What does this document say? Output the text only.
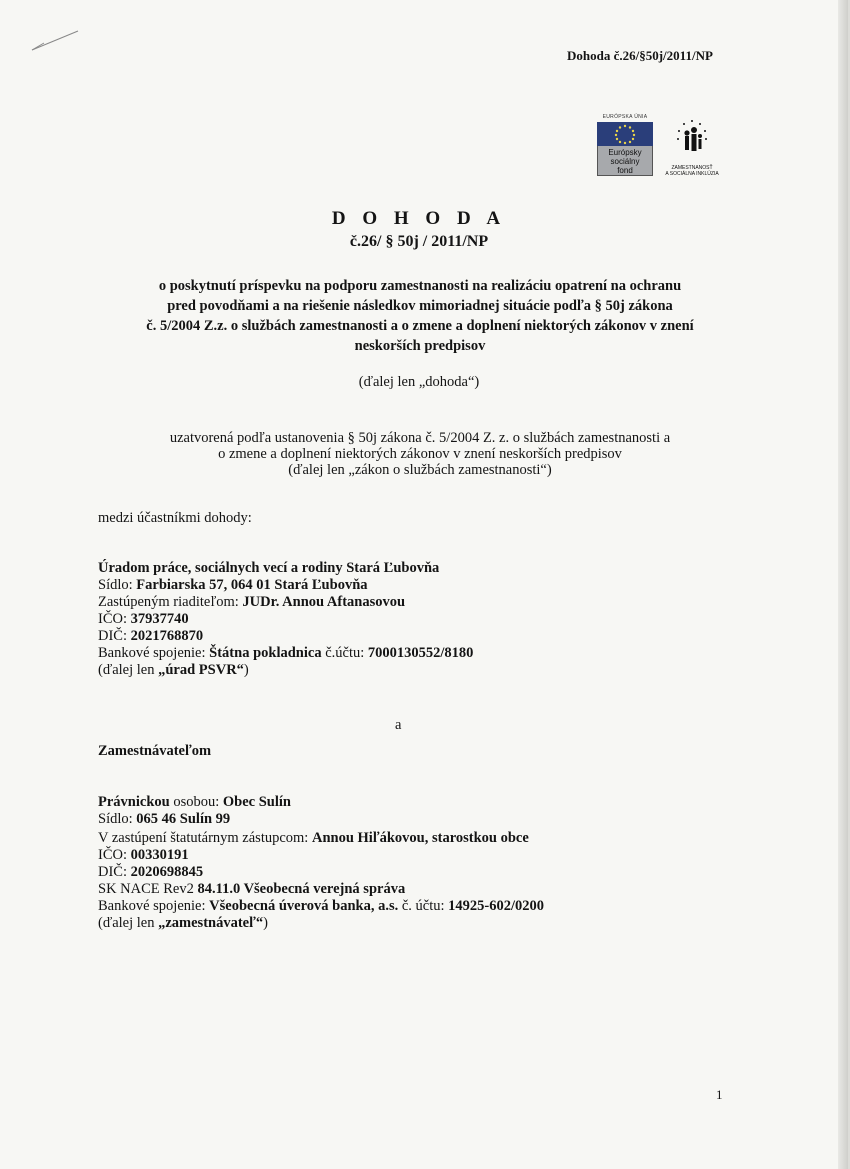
Dohoda č.26/§50j/2011/NP
EURÓPSKA ÚNIA
Európsky
sociálny
fond	ZAMESTNANOSŤ
A SOCIÁLNA INKLÚZIA
D O H O D A
č.26/ § 50j / 2011/NP
o poskytnutí príspevku na podporu zamestnanosti na realizáciu opatrení na ochranu
pred povodňami a na riešenie následkov mimoriadnej situácie podľa § 50j zákona
č. 5/2004 Z.z. o službách zamestnanosti a o zmene a doplnení niektorých zákonov v znení
neskorších predpisov
(ďalej len „dohoda“)
uzatvorená podľa ustanovenia § 50j zákona č. 5/2004 Z. z. o službách zamestnanosti a
o zmene a doplnení niektorých zákonov v znení neskorších predpisov
(ďalej len „zákon o službách zamestnanosti“)
medzi účastníkmi dohody:
Úradom práce, sociálnych vecí a rodiny Stará Ľubovňa
Sídlo: Farbiarska 57, 064 01 Stará Ľubovňa
Zastúpeným riaditeľom: JUDr. Annou Aftanasovou
IČO: 37937740
DIČ: 2021768870
Bankové spojenie: Štátna pokladnica č.účtu: 7000130552/8180
(ďalej len „úrad PSVR“)
a
Zamestnávateľom
Právnickou osobou: Obec Sulín
Sídlo: 065 46 Sulín 99
V zastúpení štatutárnym zástupcom: Annou Hiľákovou, starostkou obce
IČO: 00330191
DIČ: 2020698845
SK NACE Rev2 84.11.0 Všeobecná verejná správa
Bankové spojenie: Všeobecná úverová banka, a.s. č. účtu: 14925-602/0200
(ďalej len „zamestnávateľ“)
1
